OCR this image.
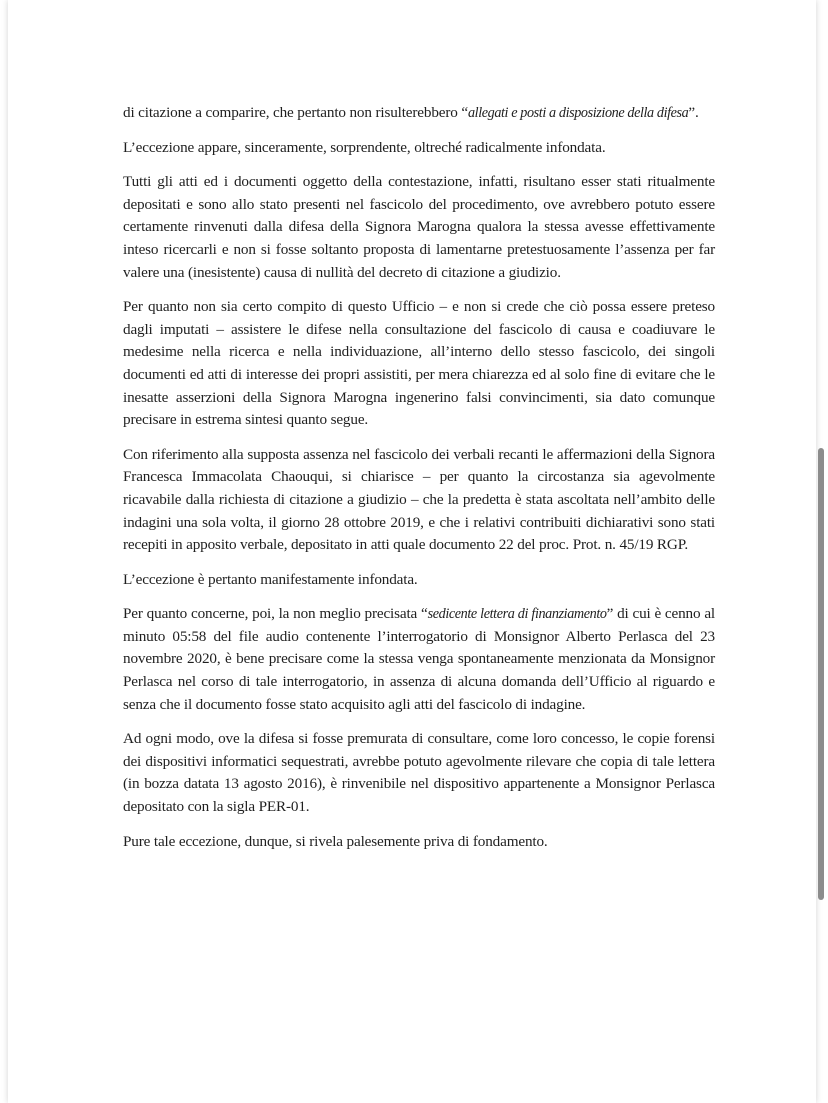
di citazione a comparire, che pertanto non risulterebbero “allegati e posti a disposizione della difesa”.

L’eccezione appare, sinceramente, sorprendente, oltreché radicalmente infondata.

Tutti gli atti ed i documenti oggetto della contestazione, infatti, risultano esser stati ritualmente depositati e sono allo stato presenti nel fascicolo del procedimento, ove avrebbero potuto essere certamente rinvenuti dalla difesa della Signora Marogna qualora la stessa avesse effettivamente inteso ricercarli e non si fosse soltanto proposta di lamentarne pretestuosamente l’assenza per far valere una (inesistente) causa di nullità del decreto di citazione a giudizio.

Per quanto non sia certo compito di questo Ufficio – e non si crede che ciò possa essere preteso dagli imputati – assistere le difese nella consultazione del fascicolo di causa e coadiuvare le medesime nella ricerca e nella individuazione, all’interno dello stesso fascicolo, dei singoli documenti ed atti di interesse dei propri assistiti, per mera chiarezza ed al solo fine di evitare che le inesatte asserzioni della Signora Marogna ingenerino falsi convincimenti, sia dato comunque precisare in estrema sintesi quanto segue.

Con riferimento alla supposta assenza nel fascicolo dei verbali recanti le affermazioni della Signora Francesca Immacolata Chaouqui, si chiarisce – per quanto la circostanza sia agevolmente ricavabile dalla richiesta di citazione a giudizio – che la predetta è stata ascoltata nell’ambito delle indagini una sola volta, il giorno 28 ottobre 2019, e che i relativi contribuiti dichiarativi sono stati recepiti in apposito verbale, depositato in atti quale documento 22 del proc. Prot. n. 45/19 RGP.

L’eccezione è pertanto manifestamente infondata.

Per quanto concerne, poi, la non meglio precisata “sedicente lettera di finanziamento” di cui è cenno al minuto 05:58 del file audio contenente l’interrogatorio di Monsignor Alberto Perlasca del 23 novembre 2020, è bene precisare come la stessa venga spontaneamente menzionata da Monsignor Perlasca nel corso di tale interrogatorio, in assenza di alcuna domanda dell’Ufficio al riguardo e senza che il documento fosse stato acquisito agli atti del fascicolo di indagine.

Ad ogni modo, ove la difesa si fosse premurata di consultare, come loro concesso, le copie forensi dei dispositivi informatici sequestrati, avrebbe potuto agevolmente rilevare che copia di tale lettera (in bozza datata 13 agosto 2016), è rinvenibile nel dispositivo appartenente a Monsignor Perlasca depositato con la sigla PER-01.

Pure tale eccezione, dunque, si rivela palesemente priva di fondamento.
